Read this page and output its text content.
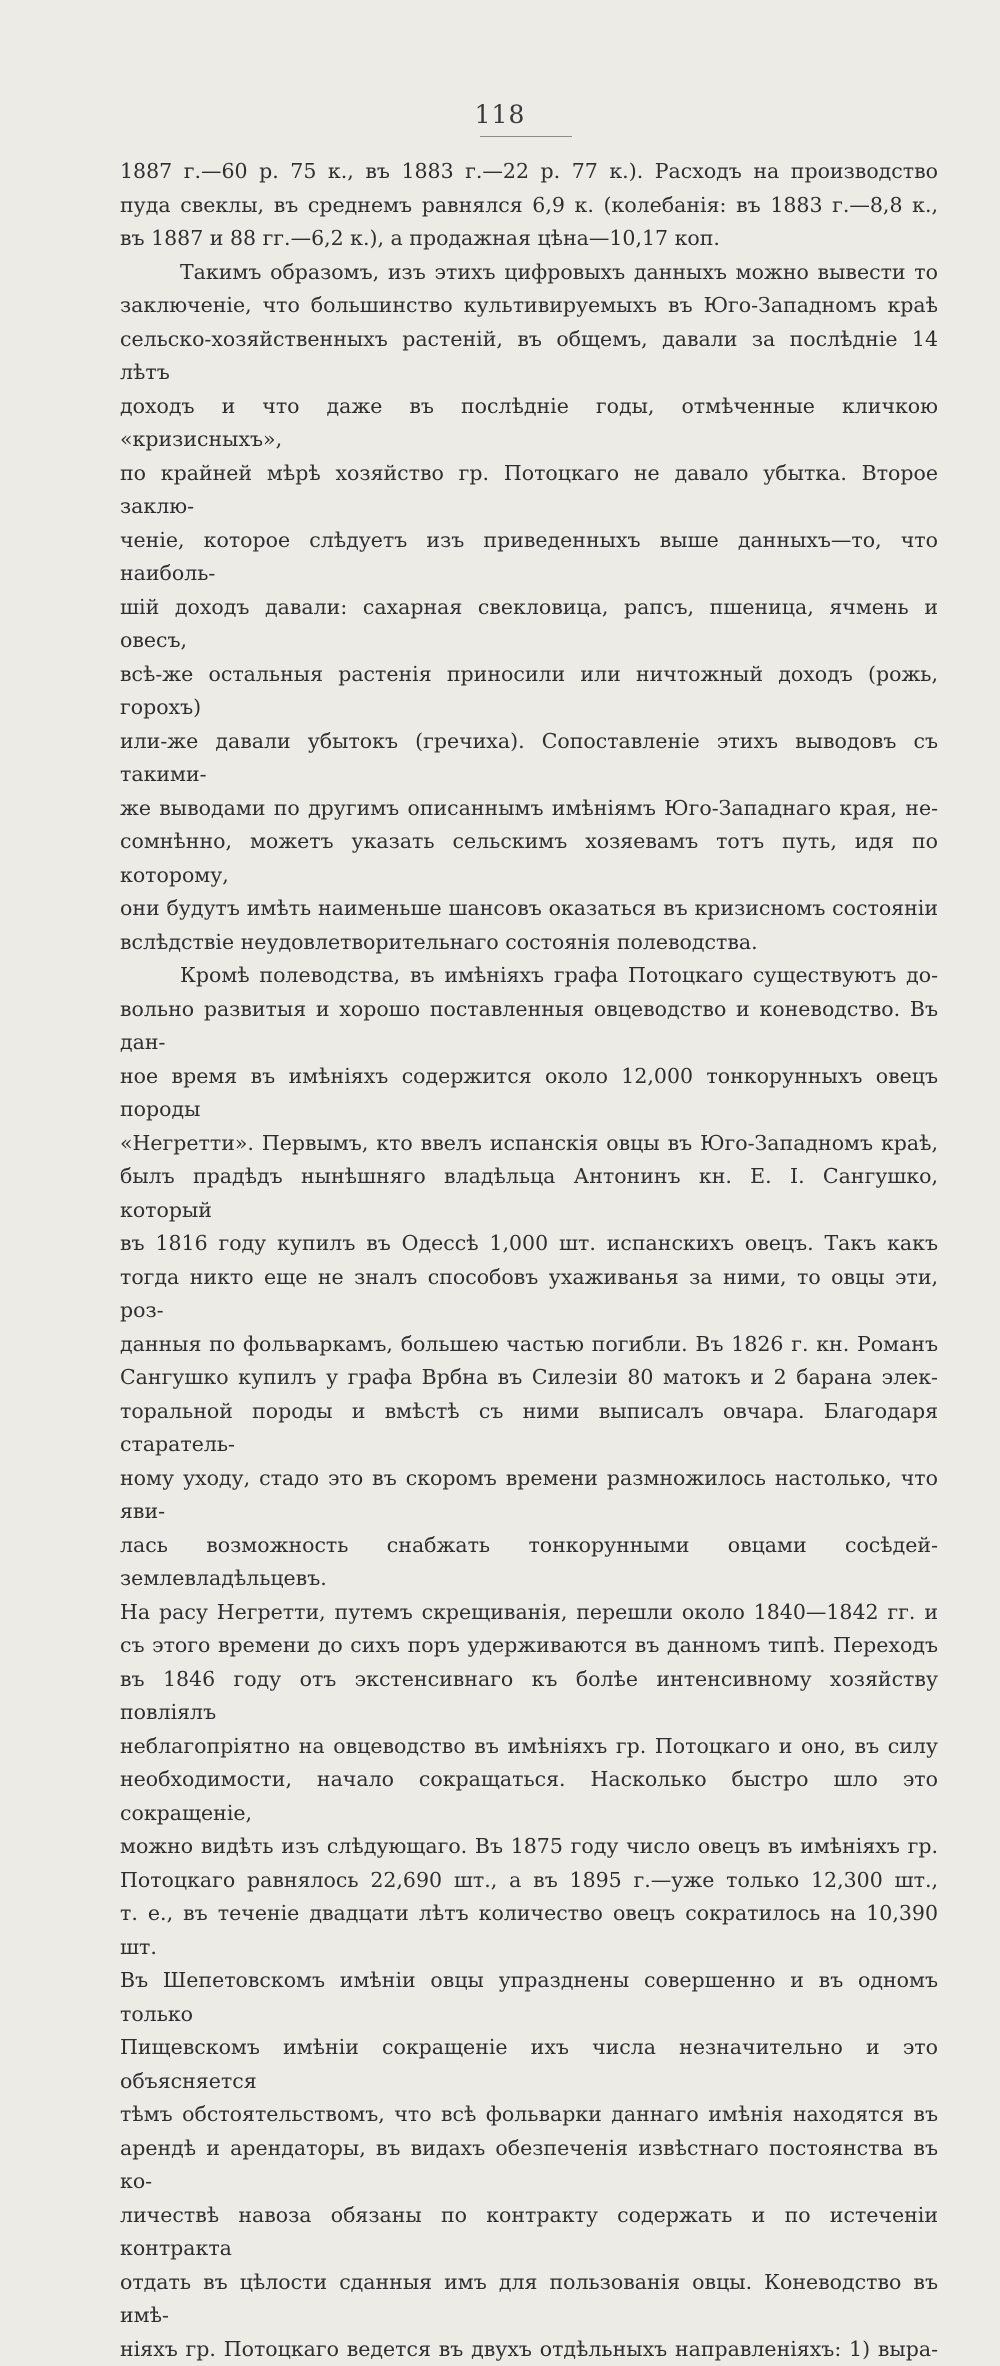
118

1887 г.—60 р. 75 к., въ 1883 г.—22 р. 77 к.). Расходъ на производство

пуда свеклы, въ среднемъ равнялся 6,9 к. (колебанія: въ 1883 г.—8,8 к.,

въ 1887 и 88 гг.—6,2 к.), а продажная цѣна—10,17 коп.

Такимъ образомъ, изъ этихъ цифровыхъ данныхъ можно вывести то

заключеніе, что большинство культивируемыхъ въ Юго-Западномъ краѣ

сельско-хозяйственныхъ растеній, въ общемъ, давали за послѣдніе 14 лѣтъ

доходъ и что даже въ послѣдніе годы, отмѣченные кличкою «кризисныхъ»,

по крайней мѣрѣ хозяйство гр. Потоцкаго не давало убытка. Второе заклю-

ченіе, которое слѣдуетъ изъ приведенныхъ выше данныхъ—то, что наиболь-

шій доходъ давали: сахарная свекловица, рапсъ, пшеница, ячмень и овесъ,

всѣ-же остальныя растенія приносили или ничтожный доходъ (рожь, горохъ)

или-же давали убытокъ (гречиха). Сопоставленіе этихъ выводовъ съ такими-

же выводами по другимъ описаннымъ имѣніямъ Юго-Западнаго края, не-

сомнѣнно, можетъ указать сельскимъ хозяевамъ тотъ путь, идя по которому,

они будутъ имѣть наименьше шансовъ оказаться въ кризисномъ состояніи

вслѣдствіе неудовлетворительнаго состоянія полеводства.

Кромѣ полеводства, въ имѣніяхъ графа Потоцкаго существуютъ до-

вольно развитыя и хорошо поставленныя овцеводство и коневодство. Въ дан-

ное время въ имѣніяхъ содержится около 12,000 тонкорунныхъ овецъ породы

«Негретти». Первымъ, кто ввелъ испанскія овцы въ Юго-Западномъ краѣ,

былъ прадѣдъ нынѣшняго владѣльца Антонинъ кн. Е. І. Сангушко, который

въ 1816 году купилъ въ Одессѣ 1,000 шт. испанскихъ овецъ. Такъ какъ

тогда никто еще не зналъ способовъ ухаживанья за ними, то овцы эти, роз-

данныя по фольваркамъ, большею частью погибли. Въ 1826 г. кн. Романъ

Сангушко купилъ у графа Врбна въ Силезіи 80 матокъ и 2 барана элек-

торальной породы и вмѣстѣ съ ними выписалъ овчара. Благодаря старатель-

ному уходу, стадо это въ скоромъ времени размножилось настолько, что яви-

лась возможность снабжать тонкорунными овцами сосѣдей-землевладѣльцевъ.

На расу Негретти, путемъ скрещиванія, перешли около 1840—1842 гг. и

съ этого времени до сихъ поръ удерживаются въ данномъ типѣ. Переходъ

въ 1846 году отъ экстенсивнаго къ болѣе интенсивному хозяйству повліялъ

неблагопріятно на овцеводство въ имѣніяхъ гр. Потоцкаго и оно, въ силу

необходимости, начало сокращаться. Насколько быстро шло это сокращеніе,

можно видѣть изъ слѣдующаго. Въ 1875 году число овецъ въ имѣніяхъ гр.

Потоцкаго равнялось 22,690 шт., а въ 1895 г.—уже только 12,300 шт.,

т. е., въ теченіе двадцати лѣтъ количество овецъ сократилось на 10,390 шт.

Въ Шепетовскомъ имѣніи овцы упразднены совершенно и въ одномъ только

Пищевскомъ имѣніи сокращеніе ихъ числа незначительно и это объясняется

тѣмъ обстоятельствомъ, что всѣ фольварки даннаго имѣнія находятся въ

арендѣ и арендаторы, въ видахъ обезпеченія извѣстнаго постоянства въ ко-

личествѣ навоза обязаны по контракту содержать и по истеченіи контракта

отдать въ цѣлости сданныя имъ для пользованія овцы. Коневодство въ имѣ-

ніяхъ гр. Потоцкаго ведется въ двухъ отдѣльныхъ направленіяхъ: 1) выра-
